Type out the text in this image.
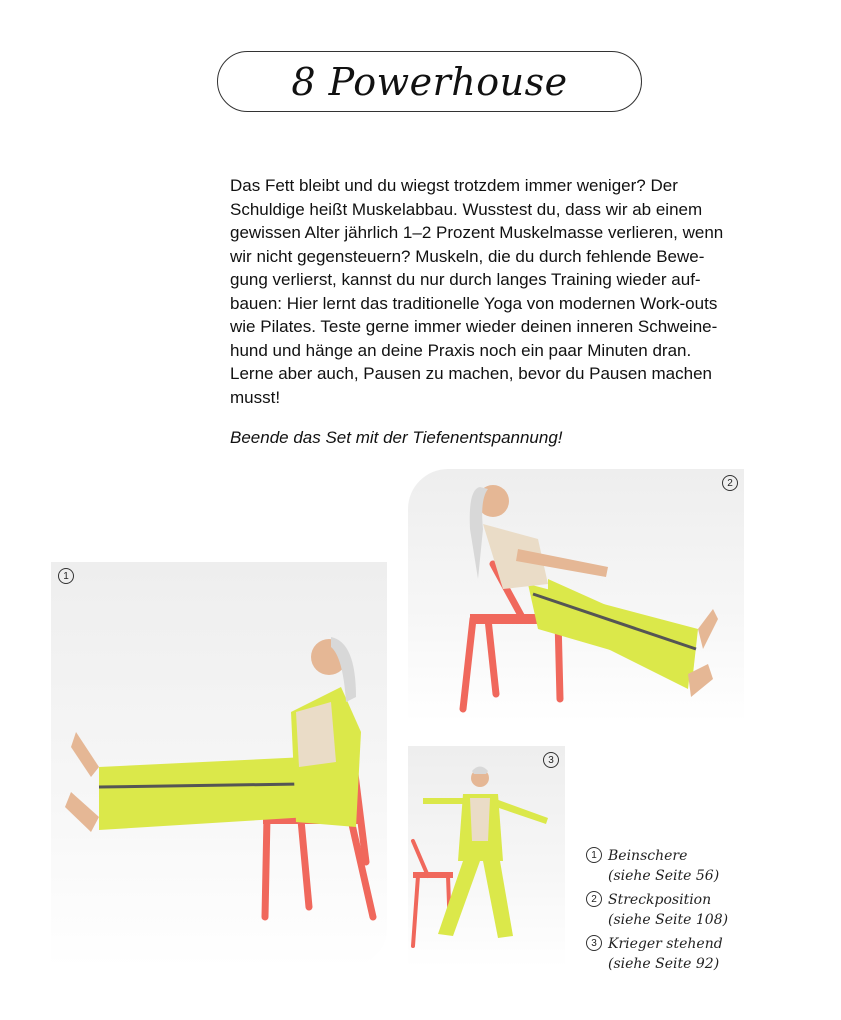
8 Powerhouse

Das Fett bleibt und du wiegst trotzdem immer weniger? Der
Schuldige heißt Muskelabbau. Wusstest du, dass wir ab einem
gewissen Alter jährlich 1–2 Prozent Muskelmasse verlieren, wenn
wir nicht gegensteuern? Muskeln, die du durch fehlende Bewe-
gung verlierst, kannst du nur durch langes Training wieder auf-
bauen: Hier lernt das traditionelle Yoga von modernen Work-outs
wie Pilates. Teste gerne immer wieder deinen inneren Schweine-
hund und hänge an deine Praxis noch ein paar Minuten dran.
Lerne aber auch, Pausen zu machen, bevor du Pausen machen
musst!

Beende das Set mit der Tiefenentspannung!
1
2
3
1 Beinschere
(siehe Seite 56)
2 Streckposition
(siehe Seite 108)
3 Krieger stehend
(siehe Seite 92)
